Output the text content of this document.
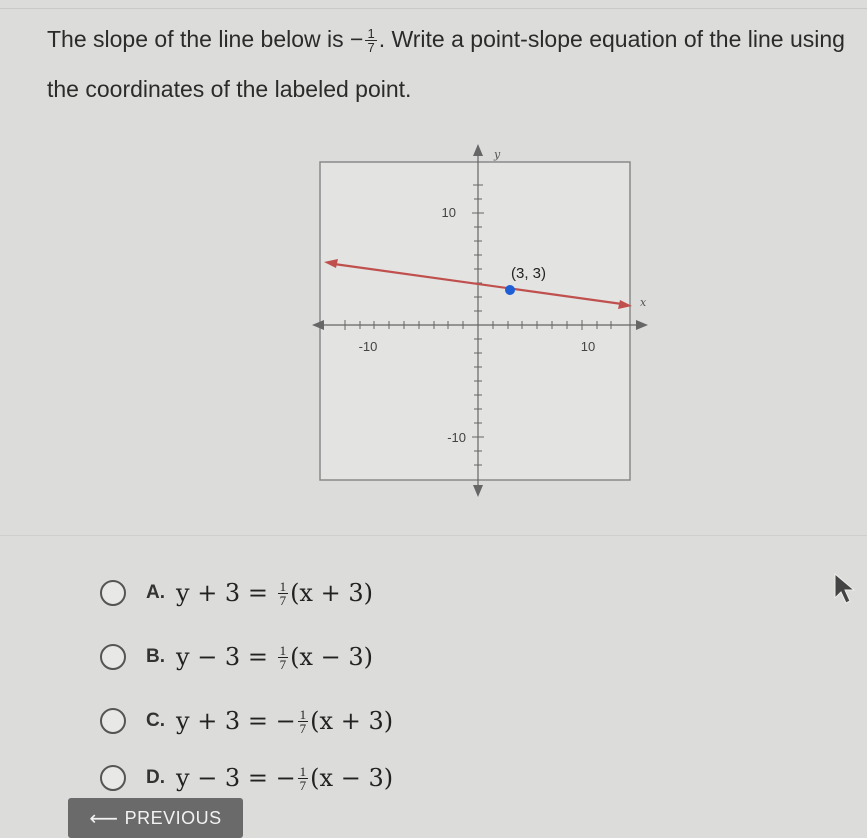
The slope of the line below is − $\frac{1}{7}$ . Write a point-slope equation of the line using the coordinates of the labeled point.
10
-10
-10	10
y
x
(3, 3)
A. $y + 3 = \frac{1}{7} (x + 3)$
B. $y - 3 = \frac{1}{7} (x - 3)$
C. y + 3 = − $\frac{1}{7} (x + 3)$
D. y − 3 = − $\frac{1}{7} (x - 3)$
⟵ PREVIOUS
